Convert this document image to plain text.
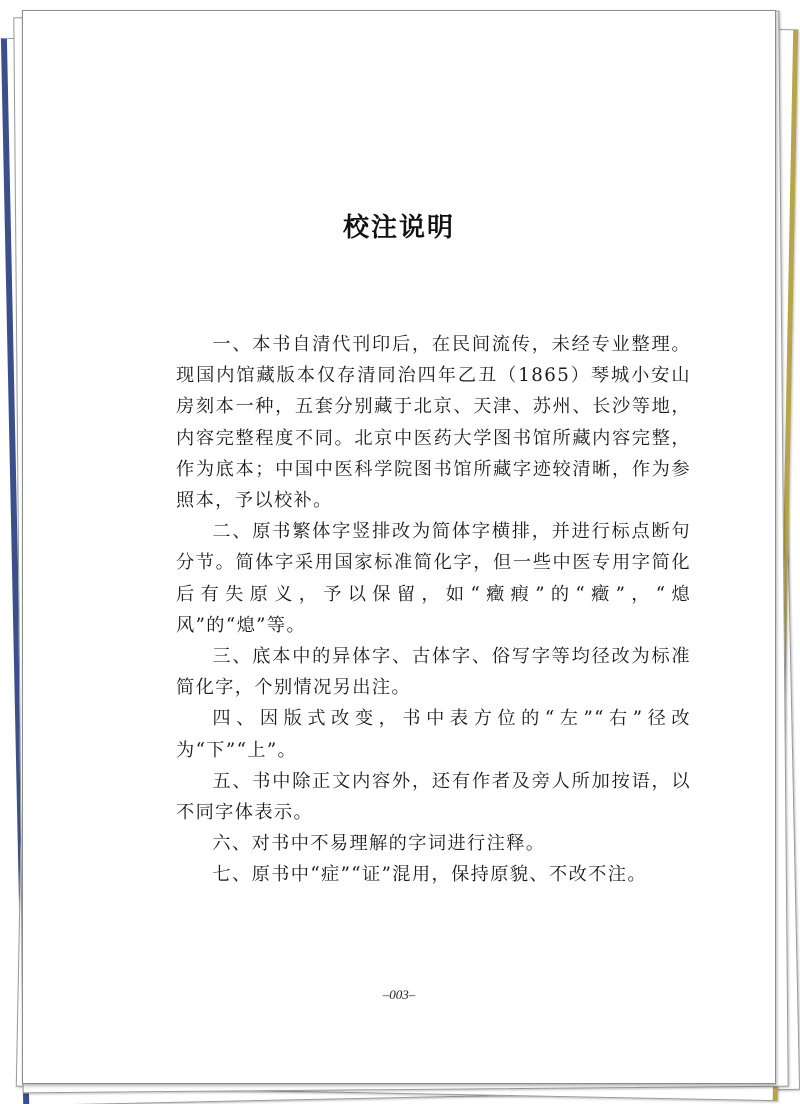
校注说明

一、本书自清代刊印后，在民间流传，未经专业整理。现国内馆藏版本仅存清同治四年乙丑（1865）琴城小安山房刻本一种，五套分别藏于北京、天津、苏州、长沙等地，内容完整程度不同。北京中医药大学图书馆所藏内容完整，作为底本；中国中医科学院图书馆所藏字迹较清晰，作为参照本，予以校补。

二、原书繁体字竖排改为简体字横排，并进行标点断句分节。简体字采用国家标准简化字，但一些中医专用字简化后有失原义，予以保留，如“癥瘕”的“癥”，“熄风”的“熄”等。

三、底本中的异体字、古体字、俗写字等均径改为标准简化字，个别情况另出注。

四、因版式改变，书中表方位的“左”“右”径改为“下”“上”。

五、书中除正文内容外，还有作者及旁人所加按语，以不同字体表示。

六、对书中不易理解的字词进行注释。

七、原书中“症”“证”混用，保持原貌、不改不注。

–003–
